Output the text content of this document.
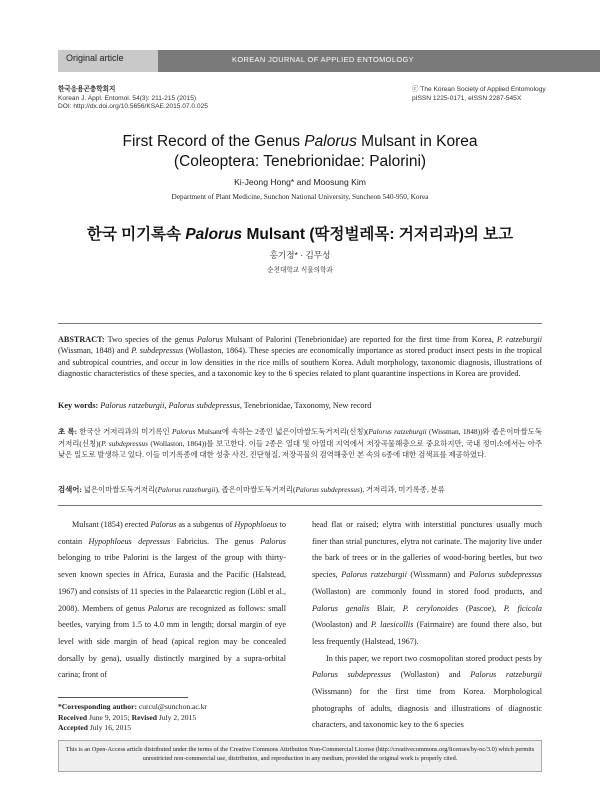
Original article	KOREAN JOURNAL OF APPLIED ENTOMOLOGY
한국응용곤충학회지
Korean J. Appl. Entomol. 54(3): 211-215 (2015)
DOI: http://dx.doi.org/10.5656/KSAE.2015.07.0.025
ⓒ The Korean Society of Applied Entomology
pISSN 1225-0171, eISSN 2287-545X
First Record of the Genus Palorus Mulsant in Korea
(Coleoptera: Tenebrionidae: Palorini)
Ki-Jeong Hong* and Moosung Kim
Department of Plant Medicine, Sunchon National University, Suncheon 540-950, Korea
한국 미기록속 Palorus Mulsant (딱정벌레목: 거저리과)의 보고
홍기정* · 김무성
순천대학교 식물의학과
ABSTRACT: Two species of the genus Palorus Mulsant of Palorini (Tenebrionidae) are reported for the first time from Korea, P. ratzeburgii (Wissman, 1848) and P. subdepressus (Wollaston, 1864). These species are economically importance as stored product insect pests in the tropical and subtropical countries, and occur in low densities in the rice mills of southern Korea. Adult morphology, taxonomic diagnosis, illustrations of diagnostic characteristics of these species, and a taxonomic key to the 6 species related to plant quarantine inspections in Korea are provided.
Key words: Palorus ratzeburgii, Palorus subdepressus, Tenebrionidae, Taxonomy, New record
초 록: 한국산 거저리과의 미기록인 Palorus Mulsant에 속하는 2종인 넓은이마쌀도둑거저리(신칭)(Palorus ratzeburgii (Wissman, 1848))와 좁은이마쌀도둑거저리(신칭)(P. subdepressus (Wollaston, 1864))를 보고한다. 이들 2종은 열대 및 아열대 지역에서 저장곡물해충으로 중요하지만, 국내 정미소에서는 아주 낮은 밀도로 발생하고 있다. 이들 미기록종에 대한 성충 사진, 진단형질, 저장곡물의 검역해충인 본 속의 6종에 대한 검색표를 제공하였다.
검색어: 넓은이마쌀도둑거저리(Palorus ratzeburgii), 좁은이마쌀도둑거저리(Palorus subdepressus), 거저리과, 미기록종, 분류
Mulsant (1854) erected Palorus as a subgenus of Hypophloeus to contain Hypophloeus depressus Fabricius. The genus Palorus belonging to tribe Palorini is the largest of the group with thirty-seven known species in Africa, Eurasia and the Pacific (Halstead, 1967) and consists of 11 species in the Palaearctic region (Löbl et al., 2008). Members of genus Palorus are recognized as follows: small beetles, varying from 1.5 to 4.0 mm in length; dorsal margin of eye level with side margin of head (apical region may be concealed dorsally by gena), usually distinctly margined by a supra-orbital carina; front of
head flat or raised; elytra with interstitial punctures usually much finer than strial punctures, elytra not carinate. The majority live under the bark of trees or in the galleries of wood-boring beetles, but two species, Palorus ratzeburgii (Wissmann) and Palorus subdepressus (Wollaston) are commonly found in stored food products, and Palorus genalis Blair, P. cerylonoides (Pascoe), P. ficicola (Woolaston) and P. laesicollis (Fairmaire) are found there also, but less frequently (Halstead, 1967).
In this paper, we report two cosmopolitan stored product pests by Palorus subdepressus (Wollaston) and Palorus ratzeburgii (Wissmann) for the first time from Korea. Morphological photographs of adults, diagnosis and illustrations of diagnostic characters, and taxonomic key to the 6 species
*Corresponding author: curcul@sunchon.ac.kr
Received June 9, 2015; Revised July 2, 2015
Accepted July 16, 2015
This is an Open-Access article distributed under the terms of the Creative Commons Attribution Non-Commercial License (http://creativecommons.org/licenses/by-nc/3.0) which permits unrestricted non-commercial use, distribution, and reproduction in any medium, provided the original work is properly cited.
